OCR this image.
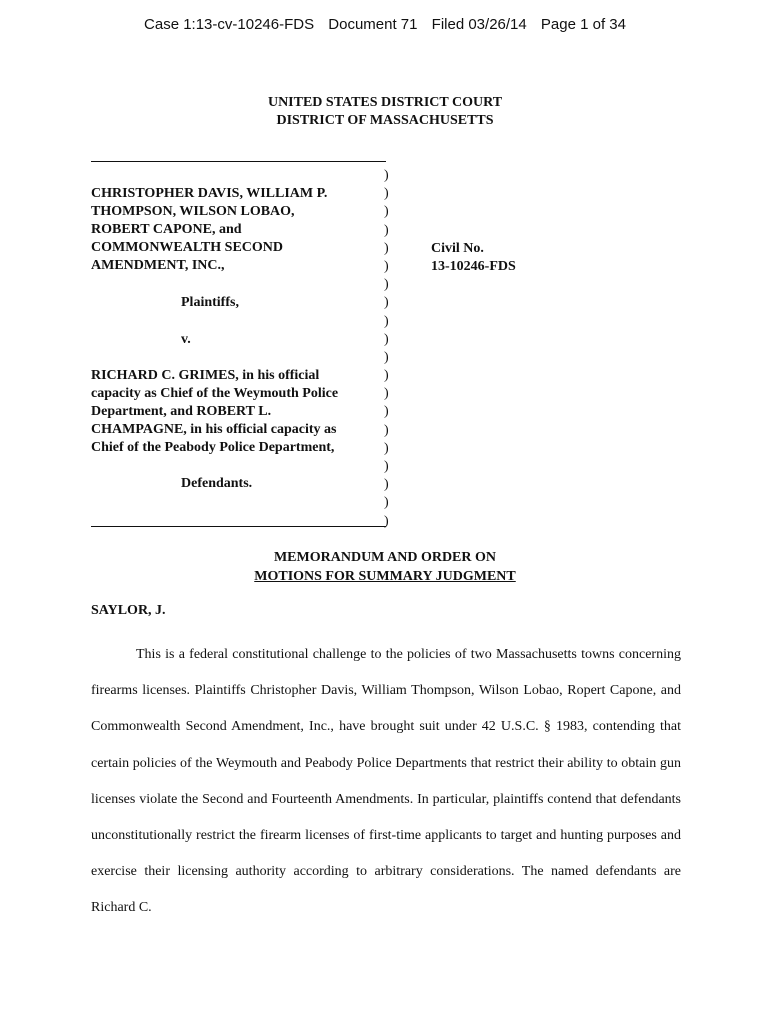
Case 1:13-cv-10246-FDS Document 71 Filed 03/26/14 Page 1 of 34
UNITED STATES DISTRICT COURT
DISTRICT OF MASSACHUSETTS
CHRISTOPHER DAVIS, WILLIAM P.
THOMPSON, WILSON LOBAO,
ROBERT CAPONE, and
COMMONWEALTH SECOND
AMENDMENT, INC.,
Plaintiffs,
v.
RICHARD C. GRIMES, in his official
capacity as Chief of the Weymouth Police
Department, and ROBERT L.
CHAMPAGNE, in his official capacity as
Chief of the Peabody Police Department,
Defendants.
)
)
)
)
)
)
)
)
)
)
)
)
)
)
)
)
)
)
)
)
Civil No.
13-10246-FDS
MEMORANDUM AND ORDER ON
MOTIONS FOR SUMMARY JUDGMENT
SAYLOR, J.

This is a federal constitutional challenge to the policies of two Massachusetts towns concerning firearms licenses. Plaintiffs Christopher Davis, William Thompson, Wilson Lobao, Ropert Capone, and Commonwealth Second Amendment, Inc., have brought suit under 42 U.S.C. § 1983, contending that certain policies of the Weymouth and Peabody Police Departments that restrict their ability to obtain gun licenses violate the Second and Fourteenth Amendments. In particular, plaintiffs contend that defendants unconstitutionally restrict the firearm licenses of first-time applicants to target and hunting purposes and exercise their licensing authority according to arbitrary considerations. The named defendants are Richard C.
